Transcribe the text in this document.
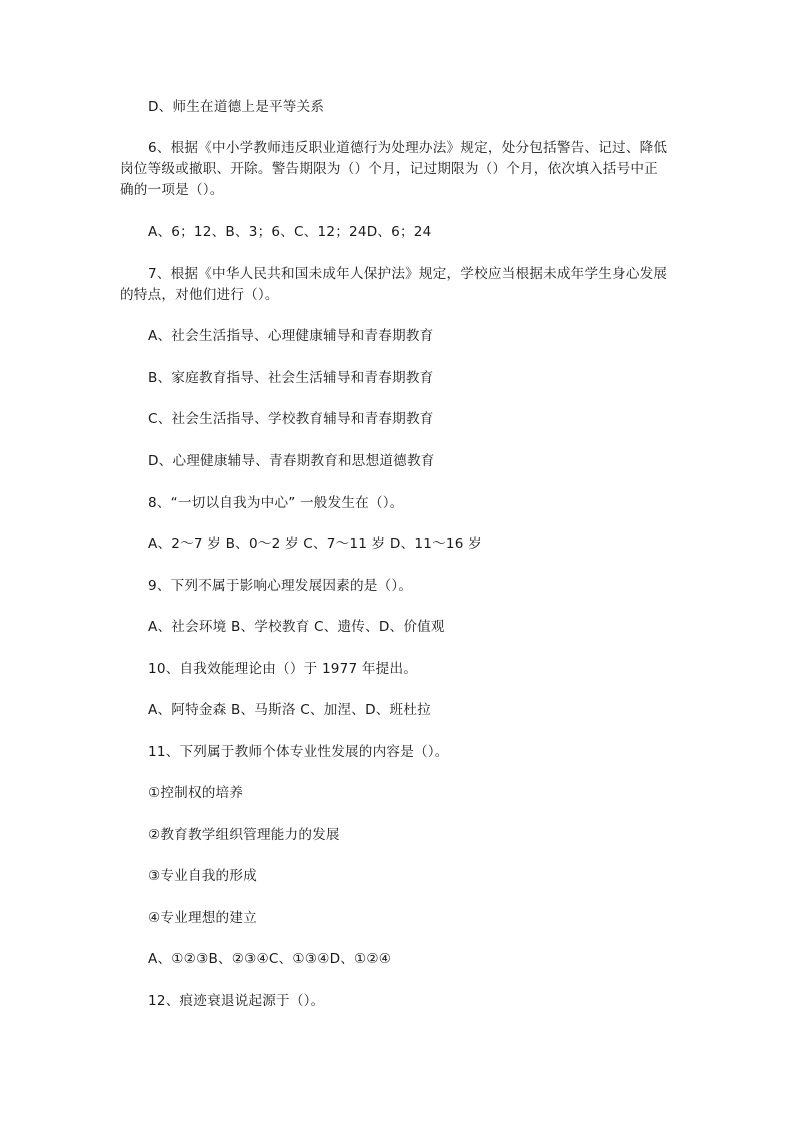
D、师生在道德上是平等关系
6、根据《中小学教师违反职业道德行为处理办法》规定，处分包括警告、记过、降低
岗位等级或撤职、开除。警告期限为（）个月，记过期限为（）个月，依次填入括号中正
确的一项是（）。
A、6；12、B、3；6、C、12；24D、6；24
7、根据《中华人民共和国未成年人保护法》规定，学校应当根据未成年学生身心发展
的特点，对他们进行（）。
A、社会生活指导、心理健康辅导和青春期教育
B、家庭教育指导、社会生活辅导和青春期教育
C、社会生活指导、学校教育辅导和青春期教育
D、心理健康辅导、青春期教育和思想道德教育
8、“一切以自我为中心” 一般发生在（）。
A、2～7 岁 B、0～2 岁 C、7～11 岁 D、11～16 岁
9、下列不属于影响心理发展因素的是（）。
A、社会环境 B、学校教育 C、遗传、D、价值观
10、自我效能理论由（）于 1977 年提出。
A、阿特金森 B、马斯洛 C、加涅、D、班杜拉
11、下列属于教师个体专业性发展的内容是（）。
①控制权的培养
②教育教学组织管理能力的发展
③专业自我的形成
④专业理想的建立
A、①②③B、②③④C、①③④D、①②④
12、痕迹衰退说起源于（）。
